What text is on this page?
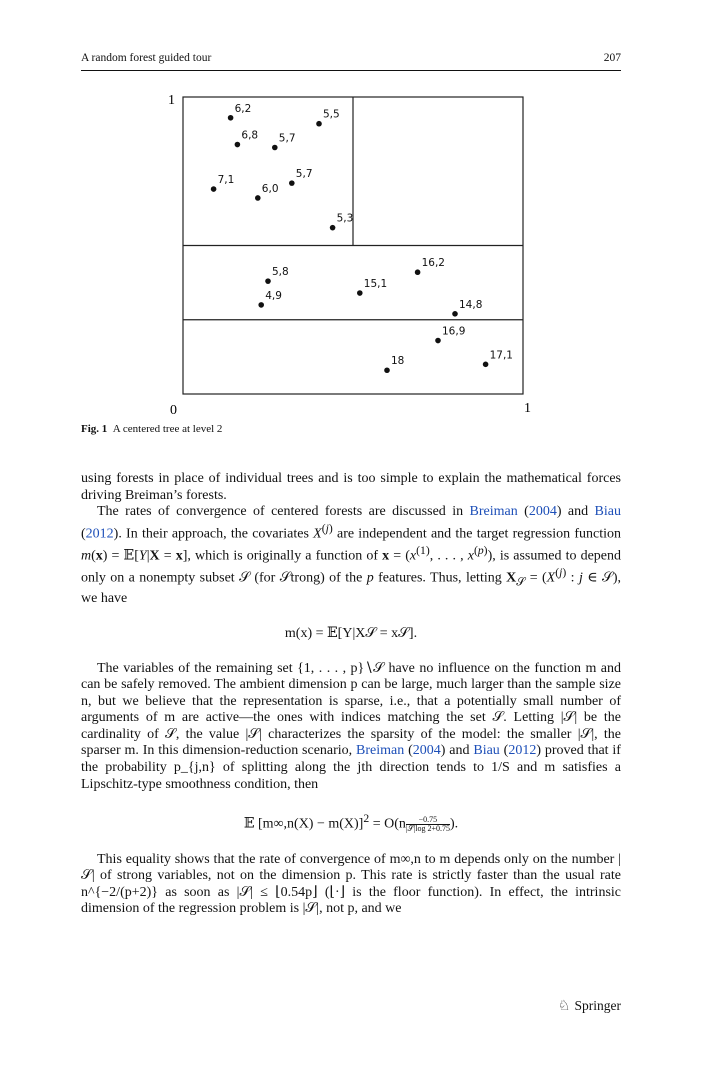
A random forest guided tour	207
1
0	1
6,2	5,5
6,8 5,7
5,7
7,1
6,0
5,3
16,2
5,8
15,1
4,9
14,8
16,9
17,1
18
Fig. 1 A centered tree at level 2

using forests in place of individual trees and is too simple to explain the mathematical forces driving Breiman’s forests.

The rates of convergence of centered forests are discussed in Breiman (2004) and Biau (2012). In their approach, the covariates $X^{(j)}$ are independent and the target regression function m(x) = 𝔼[Y|X = x], which is originally a function of $x = (x^{(1)}$, . . . , $x^{(p)}$), is assumed to depend only on a nonempty subset 𝒮 (for 𝒮trong) of the p features. Thus, letting $X_𝒮 = (X^{(j)}$ : j ∈ 𝒮), we have

m(x) = 𝔼[Y|X𝒮 = x𝒮].

The variables of the remaining set {1, . . . , p}∖𝒮 have no influence on the function m and can be safely removed. The ambient dimension p can be large, much larger than the sample size n, but we believe that the representation is sparse, i.e., that a potentially small number of arguments of m are active—the ones with indices matching the set 𝒮. Letting |𝒮| be the cardinality of 𝒮, the value |𝒮| characterizes the sparsity of the model: the smaller |𝒮|, the sparser m. In this dimension-reduction scenario, Breiman (2004) and Biau (2012) proved that if the probability p_{j,n} of splitting along the jth direction tends to 1/S and m satisfies a Lipschitz-type smoothness condition, then

𝔼 $[m\infty,n(X) - m(X)]^2 = O(n \frac{-0.75}{\text{|𝒮|log 2+0.75}}$ ).

This equality shows that the rate of convergence of m∞,n to m depends only on the number |𝒮| of strong variables, not on the dimension p. This rate is strictly faster than the usual rate n^{−2/(p+2)} as soon as |𝒮| ≤ ⌊0.54p⌋ (⌊·⌋ is the floor function). In effect, the intrinsic dimension of the regression problem is |𝒮|, not p, and we

♘ Springer
